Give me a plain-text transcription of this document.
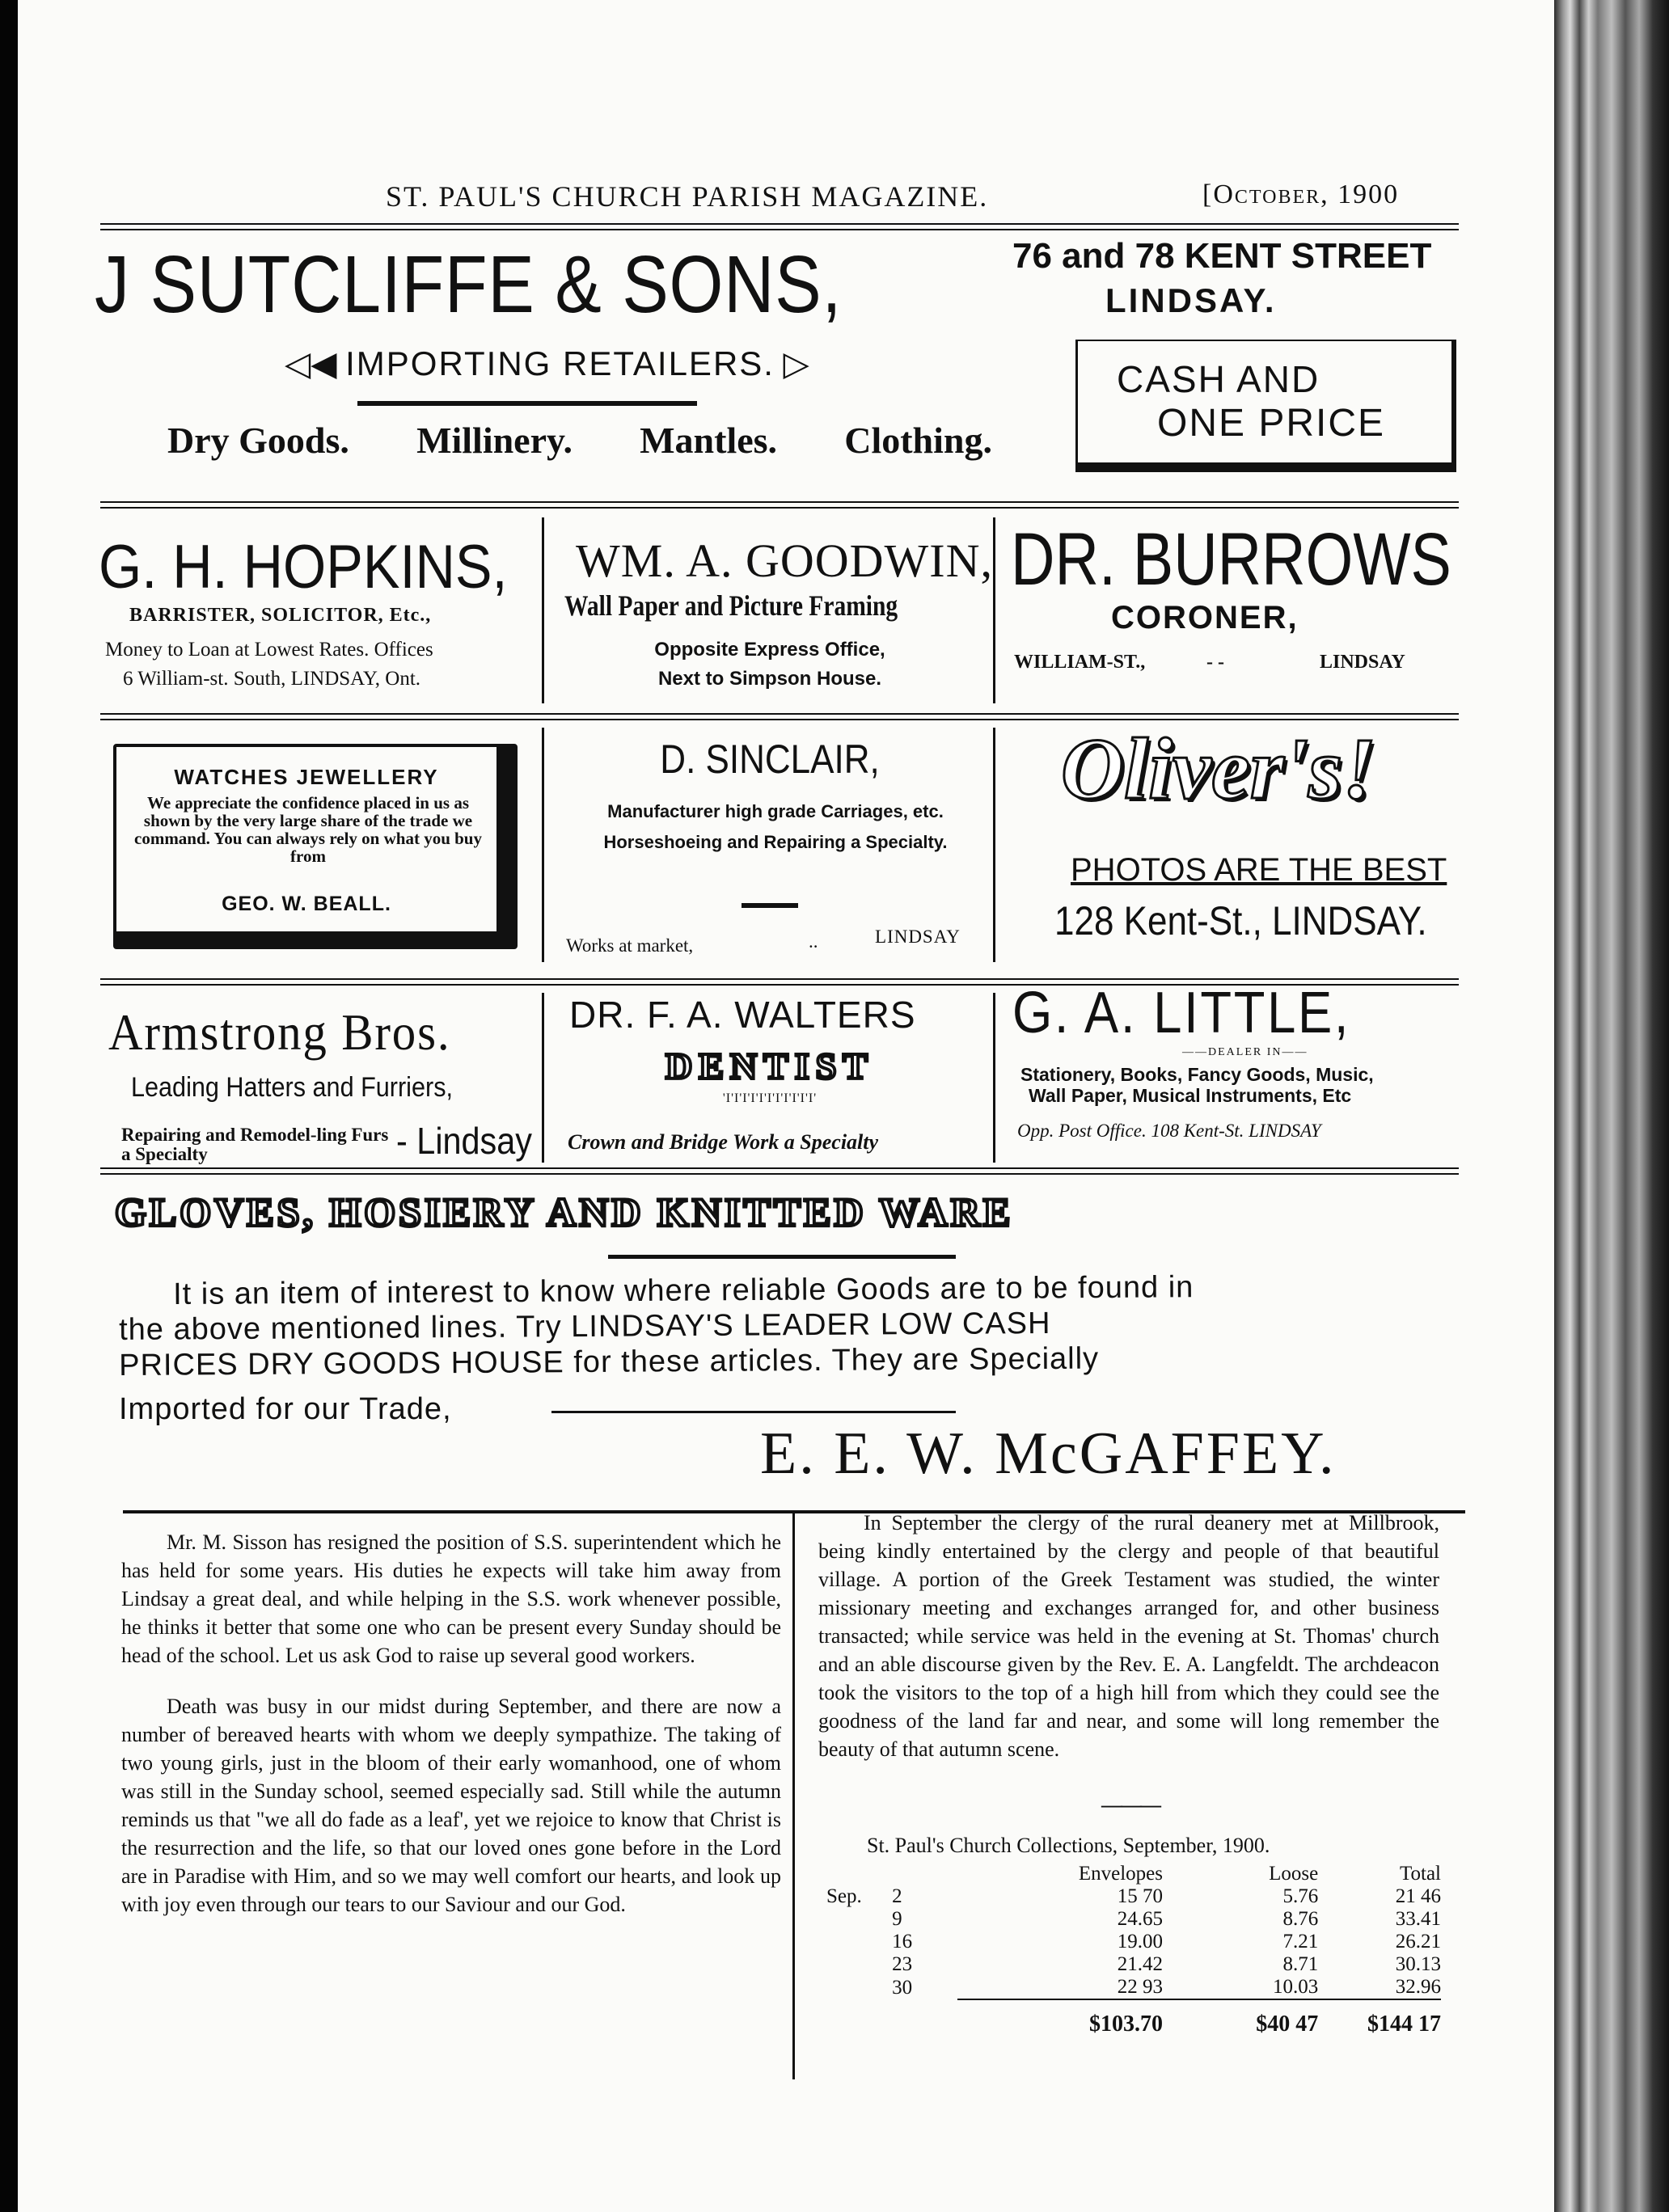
ST. PAUL'S CHURCH PARISH MAGAZINE.	[October, 1900
J SUTCLIFFE & SONS,
◁◀ IMPORTING RETAILERS. ▷
Dry Goods. Millinery. Mantles. Clothing.
76 and 78 KENT STREET
LINDSAY.
CASH AND
ONE PRICE
G. H. HOPKINS,
BARRISTER, SOLICITOR, Etc.,
Money to Loan at Lowest Rates. Offices
6 William-st. South, LINDSAY, Ont.
WM. A. GOODWIN,
Wall Paper and Picture Framing
Opposite Express Office,
Next to Simpson House.
DR. BURROWS
CORONER,
WILLIAM-ST.,	- -	LINDSAY
WATCHES JEWELLERY
We appreciate the confidence placed in us as shown by the very large share of the trade we command. You can always rely on what you buy from
GEO. W. BEALL.
D. SINCLAIR,
Manufacturer high grade Carriages, etc. Horseshoeing and Repairing a Specialty.
Works at market,	..	LINDSAY
Oliver's!
PHOTOS ARE THE BEST
128 Kent-St., LINDSAY.
Armstrong Bros.
Leading Hatters and Furriers,
Repairing and Remodel-ling Furs a Specialty	- Lindsay
DR. F. A. WALTERS
DENTIST
'I'I'I'I'I'I'I'I'I'I'I'
Crown and Bridge Work a Specialty
G. A. LITTLE,
——DEALER IN——
Stationery, Books, Fancy Goods, Music,
Wall Paper, Musical Instruments, Etc
Opp. Post Office. 108 Kent-St. LINDSAY
GLOVES, HOSIERY AND KNITTED WARE
It is an item of interest to know where reliable Goods are to be found in
the above mentioned lines. Try LINDSAY'S LEADER LOW CASH
PRICES DRY GOODS HOUSE for these articles. They are Specially
Imported for our Trade,
E. E. W. McGAFFEY.

Mr. M. Sisson has resigned the position of S.S. superintendent which he has held for some years. His duties he expects will take him away from Lindsay a great deal, and while helping in the S.S. work whenever possible, he thinks it better that some one who can be present every Sunday should be head of the school. Let us ask God to raise up several good workers.

Death was busy in our midst during September, and there are now a number of bereaved hearts with whom we deeply sympathize. The taking of two young girls, just in the bloom of their early womanhood, one of whom was still in the Sunday school, seemed especially sad. Still while the autumn reminds us that "we all do fade as a leaf', yet we rejoice to know that Christ is the resurrection and the life, so that our loved ones gone before in the Lord are in Paradise with Him, and so we may well comfort our hearts, and look up with joy even through our tears to our Saviour and our God.

In September the clergy of the rural deanery met at Millbrook, being kindly entertained by the clergy and people of that beautiful village. A portion of the Greek Testament was studied, the winter missionary meeting and exchanges arranged for, and other business transacted; while service was held in the evening at St. Thomas' church and an able discourse given by the Rev. E. A. Langfeldt. The archdeacon took the visitors to the top of a high hill from which they could see the goodness of the land far and near, and some will long remember the beauty of that autumn scene.

———
St. Paul's Church Collections, September, 1900.
		Envelopes	Loose	Total
Sep.	2	15 70	5.76	21 46
	9	24.65	8.76	33.41
	16	19.00	7.21	26.21
	23	21.42	8.71	30.13
	30	22 93	10.03	32.96
		$103.70	$40 47	$144 17
